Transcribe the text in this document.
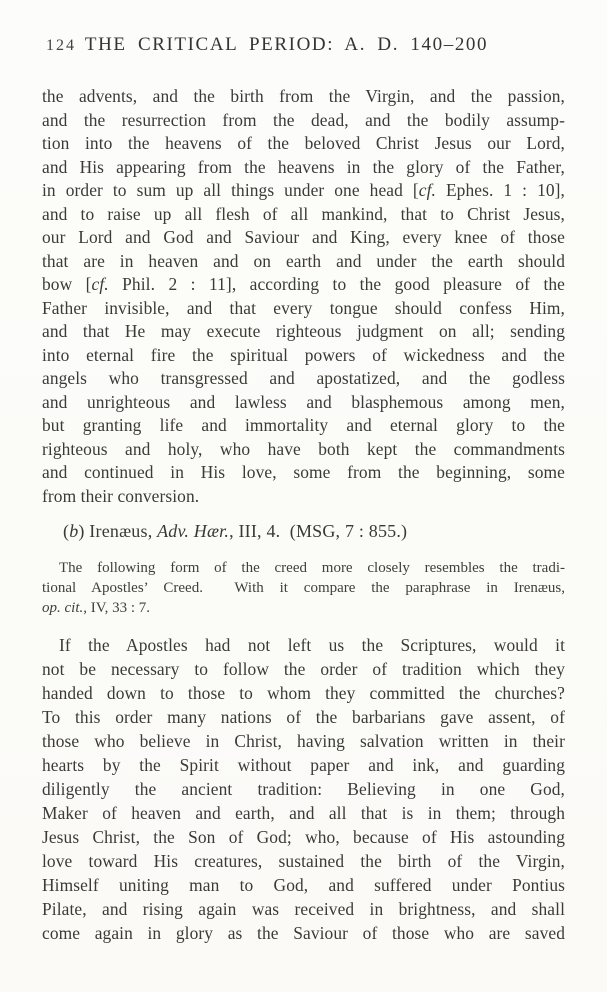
124 THE CRITICAL PERIOD: A. D. 140–200
the advents, and the birth from the Virgin, and the passion,
and the resurrection from the dead, and the bodily assump-
tion into the heavens of the beloved Christ Jesus our Lord,
and His appearing from the heavens in the glory of the Father,
in order to sum up all things under one head [cf. Ephes. 1 : 10],
and to raise up all flesh of all mankind, that to Christ Jesus,
our Lord and God and Saviour and King, every knee of those
that are in heaven and on earth and under the earth should
bow [cf. Phil. 2 : 11], according to the good pleasure of the
Father invisible, and that every tongue should confess Him,
and that He may execute righteous judgment on all; sending
into eternal fire the spiritual powers of wickedness and the
angels who transgressed and apostatized, and the godless
and unrighteous and lawless and blasphemous among men,
but granting life and immortality and eternal glory to the
righteous and holy, who have both kept the commandments
and continued in His love, some from the beginning, some
from their conversion.
(b) Irenæus, Adv. Hær., III, 4.  (MSG, 7 : 855.)
The following form of the creed more closely resembles the tradi-
tional Apostles’ Creed.  With it compare the paraphrase in Irenæus,
op. cit., IV, 33 : 7.
If the Apostles had not left us the Scriptures, would it
not be necessary to follow the order of tradition which they
handed down to those to whom they committed the churches?
To this order many nations of the barbarians gave assent, of
those who believe in Christ, having salvation written in their
hearts by the Spirit without paper and ink, and guarding
diligently the ancient tradition: Believing in one God,
Maker of heaven and earth, and all that is in them; through
Jesus Christ, the Son of God; who, because of His astounding
love toward His creatures, sustained the birth of the Virgin,
Himself uniting man to God, and suffered under Pontius
Pilate, and rising again was received in brightness, and shall
come again in glory as the Saviour of those who are saved
